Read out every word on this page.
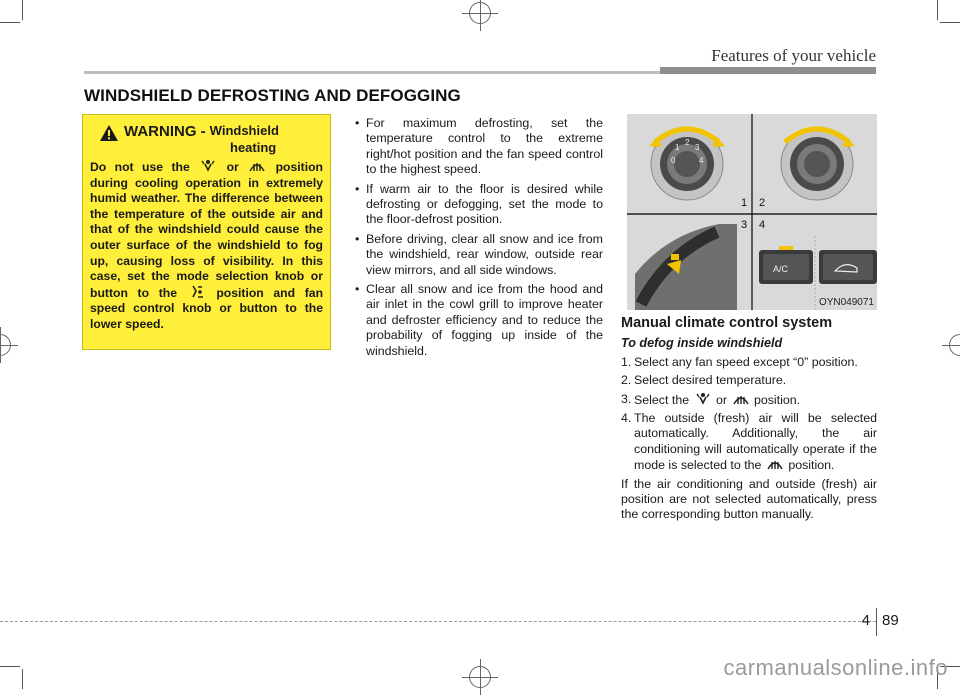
Features of your vehicle
WINDSHIELD DEFROSTING AND DEFOGGING
WARNING - Windshield
heating
Do not use the	or	position during cooling operation in extremely humid weather. The difference between the temperature of the outside air and that of the windshield could cause the outer surface of the windshield to fog up, causing loss of visibility. In this case, set the mode selection knob or button to the	position and fan speed control knob or button to the lower speed.
• For maximum defrosting, set the temperature control to the extreme right/hot position and the fan speed control to the highest speed.
• If warm air to the floor is desired while defrosting or defogging, set the mode to the floor-defrost position.
• Before driving, clear all snow and ice from the windshield, rear window, outside rear view mirrors, and all side windows.
• Clear all snow and ice from the hood and air inlet in the cowl grill to improve heater and defroster efficiency and to reduce the probability of fogging up inside of the windshield.
0
1
2
3
4
1 2
3 4
A/C
OYN049071
Manual climate control system
To defog inside windshield
1. Select any fan speed except “0” position.
2. Select desired temperature.
3. Select the or position.
4. The outside (fresh) air will be selected automatically. Additionally, the air conditioning will automatically operate if the mode is selected to the position.
If the air conditioning and outside (fresh) air position are not selected automatically, press the corresponding button manually.
4 89
carmanualsonline.info
